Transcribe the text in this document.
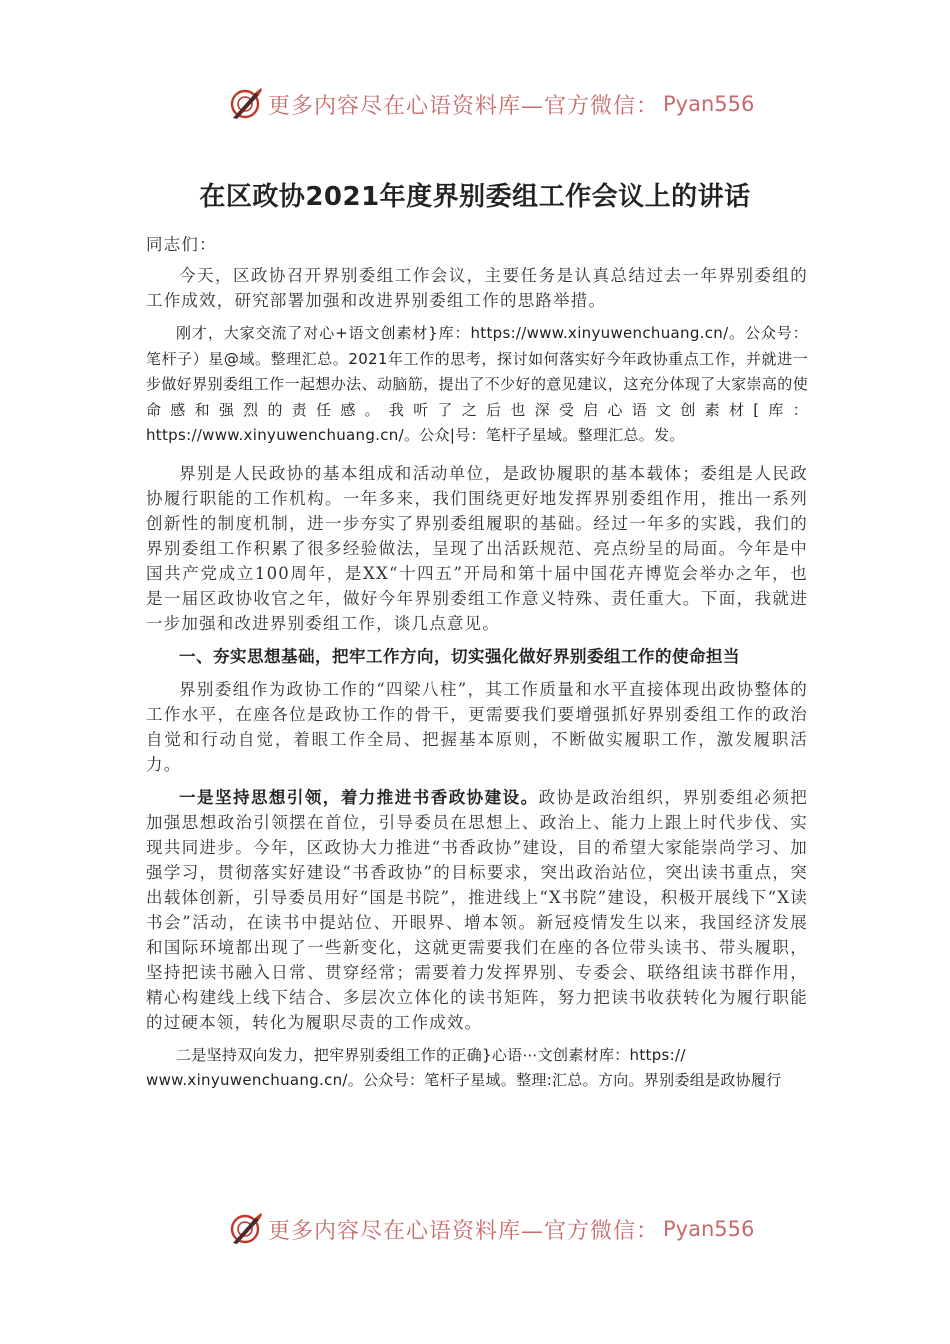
更多内容尽在心语资料库—官方微信： Pyan556
在区政协2021年度界别委组工作会议上的讲话

同志们：

今天，区政协召开界别委组工作会议，主要任务是认真总结过去一年界别委组的工作成效，研究部署加强和改进界别委组工作的思路举措。

刚才，大家交流了对心+语文创素材}库：https://www.xinyuwenchuang.cn/。公众号：笔杆子）星@域。整理汇总。2021年工作的思考，探讨如何落实好今年政协重点工作，并就进一步做好界别委组工作一起想办法、动脑筋，提出了不少好的意见建议，这充分体现了大家崇高的使命感和强烈的责任感。我听了之后也深受启心语文创素材[库：https://www.xinyuwenchuang.cn/。公众|号：笔杆子星域。整理汇总。发。

界别是人民政协的基本组成和活动单位，是政协履职的基本载体；委组是人民政协履行职能的工作机构。一年多来，我们围绕更好地发挥界别委组作用，推出一系列创新性的制度机制，进一步夯实了界别委组履职的基础。经过一年多的实践，我们的界别委组工作积累了很多经验做法，呈现了出活跃规范、亮点纷呈的局面。今年是中国共产党成立100周年，是XX“十四五”开局和第十届中国花卉博览会举办之年，也是一届区政协收官之年，做好今年界别委组工作意义特殊、责任重大。下面，我就进一步加强和改进界别委组工作，谈几点意见。

一、夯实思想基础，把牢工作方向，切实强化做好界别委组工作的使命担当

界别委组作为政协工作的“四梁八柱”，其工作质量和水平直接体现出政协整体的工作水平，在座各位是政协工作的骨干，更需要我们要增强抓好界别委组工作的政治自觉和行动自觉，着眼工作全局、把握基本原则，不断做实履职工作，激发履职活力。

一是坚持思想引领，着力推进书香政协建设。政协是政治组织，界别委组必须把加强思想政治引领摆在首位，引导委员在思想上、政治上、能力上跟上时代步伐、实现共同进步。今年，区政协大力推进“书香政协”建设，目的希望大家能崇尚学习、加强学习，贯彻落实好建设“书香政协”的目标要求，突出政治站位，突出读书重点，突出载体创新，引导委员用好“国是书院”，推进线上“X书院”建设，积极开展线下“X读书会”活动，在读书中提站位、开眼界、增本领。新冠疫情发生以来，我国经济发展和国际环境都出现了一些新变化，这就更需要我们在座的各位带头读书、带头履职，坚持把读书融入日常、贯穿经常；需要着力发挥界别、专委会、联络组读书群作用，精心构建线上线下结合、多层次立体化的读书矩阵，努力把读书收获转化为履行职能的过硬本领，转化为履职尽责的工作成效。

二是坚持双向发力，把牢界别委组工作的正确}心语⋯文创素材库：https://

www.xinyuwenchuang.cn/。公众号：笔杆子星域。整理:汇总。方向。界别委组是政协履行

更多内容尽在心语资料库—官方微信： Pyan556
